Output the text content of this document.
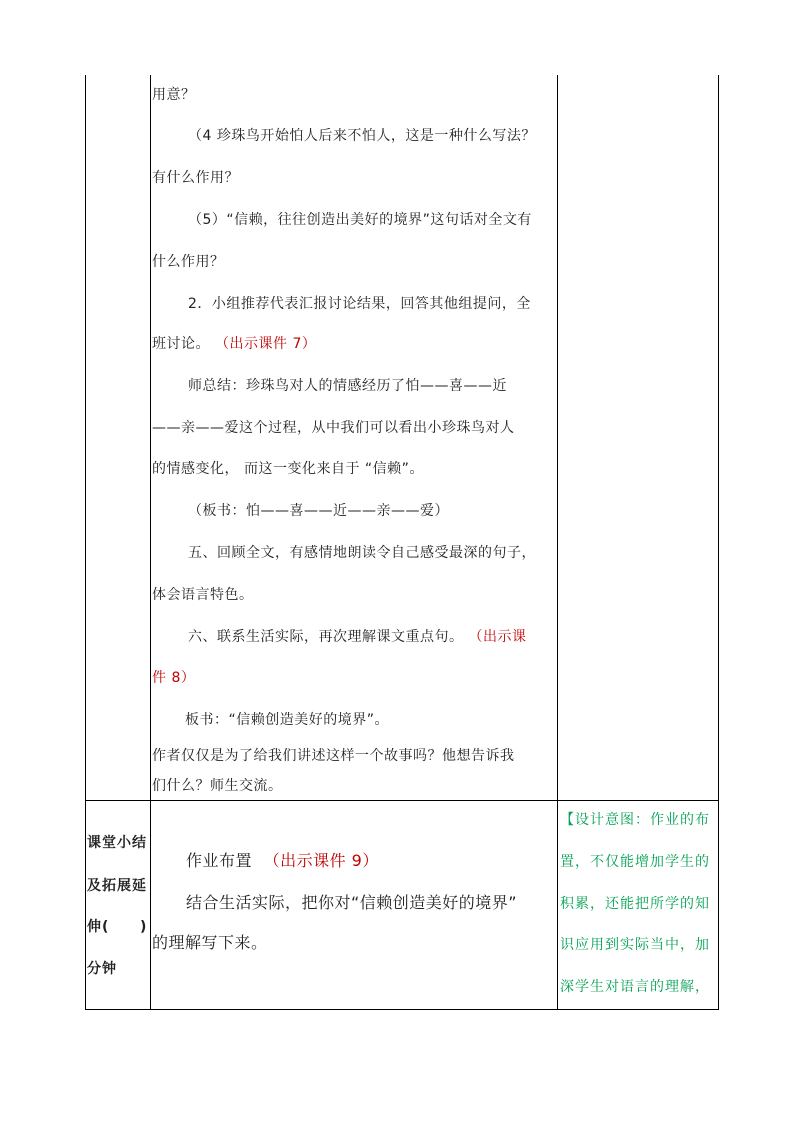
用意？
（4 珍珠鸟开始怕人后来不怕人，这是一种什么写法？
有什么作用？
（5）“信赖，往往创造出美好的境界”这句话对全文有
什么作用？
2．小组推荐代表汇报讨论结果，回答其他组提问，全
班讨论。 （出示课件 7）
师总结：珍珠鸟对人的情感经历了怕——喜——近
——亲——爱这个过程，从中我们可以看出小珍珠鸟对人
的情感变化， 而这一变化来自于 “信赖”。
（板书：怕——喜——近——亲——爱）
五、回顾全文，有感情地朗读令自己感受最深的句子，
体会语言特色。
六、联系生活实际，再次理解课文重点句。 （出示课
件 8）
板书：“信赖创造美好的境界”。
作者仅仅是为了给我们讲述这样一个故事吗？他想告诉我
们什么？师生交流。
课堂小结
及拓展延
伸( )
分钟
作业布置 （出示课件 9）
结合生活实际，把你对“信赖创造美好的境界”
的理解写下来。
【设计意图：作业的布
置，不仅能增加学生的
积累，还能把所学的知
识应用到实际当中，加
深学生对语言的理解，
